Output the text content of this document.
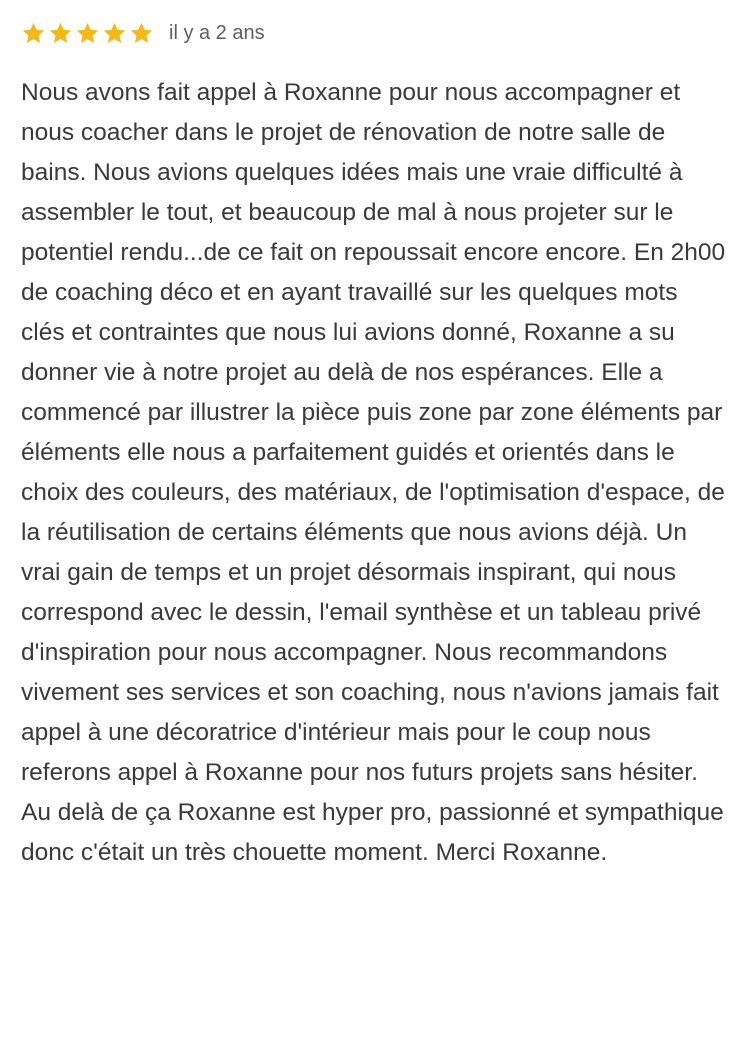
il y a 2 ans
Nous avons fait appel à Roxanne pour nous accompagner et nous coacher dans le projet de rénovation de notre salle de bains. Nous avions quelques idées mais une vraie difficulté à assembler le tout, et beaucoup de mal à nous projeter sur le potentiel rendu...de ce fait on repoussait encore encore. En 2h00 de coaching déco et en ayant travaillé sur les quelques mots clés et contraintes que nous lui avions donné, Roxanne a su donner vie à notre projet au delà de nos espérances. Elle a commencé par illustrer la pièce puis zone par zone éléments par éléments elle nous a parfaitement guidés et orientés dans le choix des couleurs, des matériaux, de l'optimisation d'espace, de la réutilisation de certains éléments que nous avions déjà. Un vrai gain de temps et un projet désormais inspirant, qui nous correspond avec le dessin, l'email synthèse et un tableau privé d'inspiration pour nous accompagner. Nous recommandons vivement ses services et son coaching, nous n'avions jamais fait appel à une décoratrice d'intérieur mais pour le coup nous referons appel à Roxanne pour nos futurs projets sans hésiter. Au delà de ça Roxanne est hyper pro, passionné et sympathique donc c'était un très chouette moment. Merci Roxanne.
